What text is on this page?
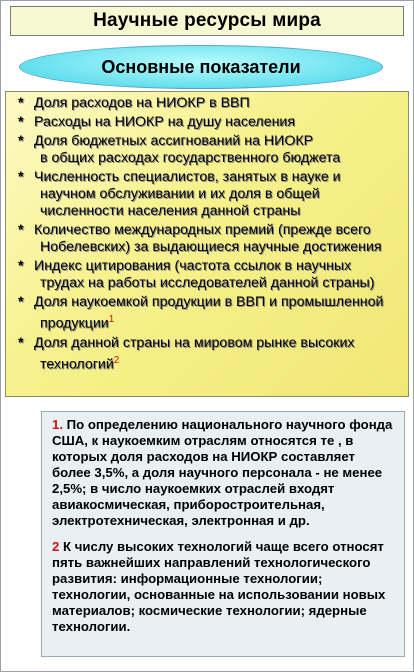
Научные ресурсы мира
Основные показатели
* Доля расходов на НИОКР в ВВП
* Расходы на НИОКР на душу населения
* Доля бюджетных ассигнований на НИОКР
в общих расходах государственного бюджета
* Численность специалистов, занятых в науке и
научном обслуживании и их доля в общей численности населения данной страны
* Количество международных премий (прежде всего
Нобелевских) за выдающиеся научные достижения
* Индекс цитирования (частота ссылок в научных
трудах на работы исследователей данной страны)
* Доля наукоемкой продукции в ВВП и промышленной
продукции$^1$
* Доля данной страны на мировом рынке высоких
технологий$^2$

1. По определению национального научного фонда США, к наукоемким отраслям относятся те , в которых доля расходов на НИОКР составляет более 3,5%, а доля научного персонала - не менее 2,5%; в число наукоемких отраслей входят авиакосмическая, приборостроительная, электротехническая, электронная и др.

2 К числу высоких технологий чаще всего относят пять важнейших направлений технологического развития: информационные технологии; технологии, основанные на использовании новых материалов; космические технологии; ядерные технологии.
